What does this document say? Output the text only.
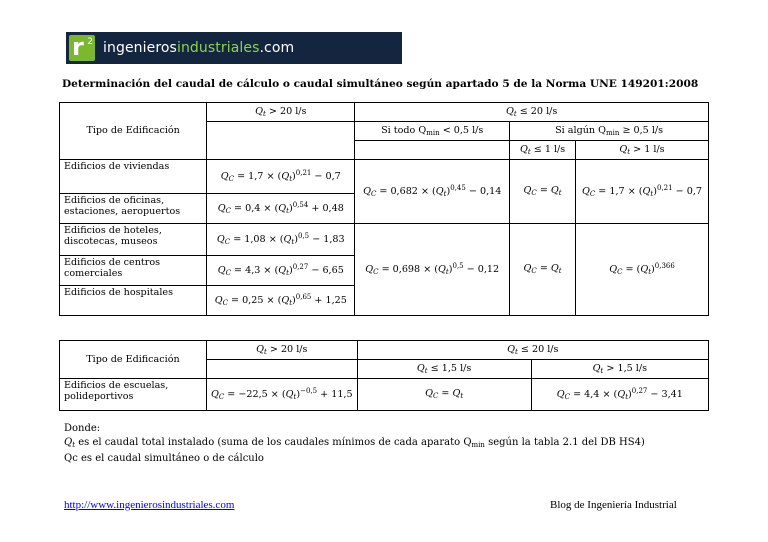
r 2 ingenierosindustriales.com
Determinación del caudal de cálculo o caudal simultáneo según apartado 5 de la Norma UNE 149201:2008
Tipo de Edificación	$Q_t > 20$ l/s	$Q_t \le 20$ l/s		
		Si todo $Q_{min} < 0,5$ l/s	Si algún $Q_{min} \ge 0,5$ l/s	
			$Q_t \le 1$ l/s	$Q_t > 1$ l/s
Edificios de viviendas	$Q_C = 1,7 \times (Q_t)^{0,21} - 0,7$	$Q_C = 0,682 \times (Q_t)^{0,45} - 0,14$	$Q_C = Q_t$	$Q_C = 1,7 \times (Q_t)^{0,21} - 0,7$
Edificios de oficinas, estaciones, aeropuertos	$Q_C = 0,4 \times (Q_t)^{0,54} + 0,48$			
Edificios de hoteles, discotecas, museos	$Q_C = 1,08 \times (Q_t)^{0,5} - 1,83$	$Q_C = 0,698 \times (Q_t)^{0,5} - 0,12$	$Q_C = Q_t$	$Q_C = (Q_t)^{0,366}$
Edificios de centros comerciales	$Q_C = 4,3 \times (Q_t)^{0,27} - 6,65$			
Edificios de hospitales	$Q_C = 0,25 \times (Q_t)^{0,65} + 1,25$			
Tipo de Edificación	$Q_t > 20$ l/s	$Q_t \le 20$ l/s	
		$Q_t \le 1,5$ l/s	$Q_t > 1,5$ l/s
Edificios de escuelas, polideportivos	$Q_C = -22,5 \times (Q_t)^{-0,5} + 11,5$	$Q_C = Q_t$	$Q_C = 4,4 \times (Q_t)^{0,27} - 3,41$
Donde:
$Q_t$ es el caudal total instalado (suma de los caudales mínimos de cada aparato $Q_{min}$ según la tabla 2.1 del DB HS4)
Qc es el caudal simultáneo o de cálculo
http://www.ingenierosindustriales.com	Blog de Ingeniería Industrial
